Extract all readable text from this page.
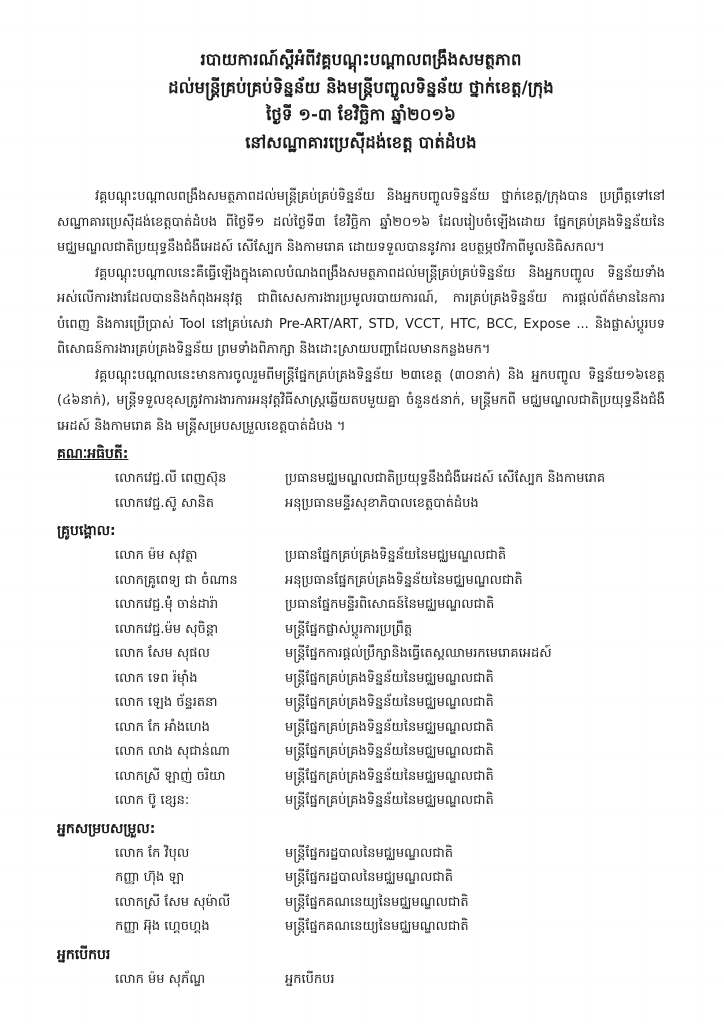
របាយការណ៍ស្ដីអំពីវគ្គបណ្ដុះបណ្ដាលពង្រឹងសមត្ថភាព
ដល់មន្ត្រីគ្រប់គ្រប់ទិន្នន័យ និងមន្ត្រីបញ្ចូលទិន្នន័យ ថ្នាក់ខេត្ត/ក្រុង
ថ្ងៃទី ១-៣ ខែវិច្ឆិកា ឆ្នាំ២០១៦
នៅសណ្ឋាគារប្រេស៊ីដង់ខេត្ត បាត់ដំបង

វគ្គបណ្ដុះបណ្ដាលពង្រឹងសមត្ថភាពដល់មន្ត្រីគ្រប់គ្រប់ទិន្នន័យ និងអ្នកបញ្ចូលទិន្នន័យ ថ្នាក់ខេត្ត/ក្រុងបាន ប្រព្រឹត្តទៅនៅសណ្ឋាគារប្រេស៊ីដង់ខេត្តបាត់ដំបង ពីថ្ងៃទី១ ដល់ថ្ងៃទី៣ ខែវិច្ឆិកា ឆ្នាំ២០១៦ ដែលរៀបចំឡើងដោយ ផ្នែកគ្រប់គ្រងទិន្នន័យនៃមជ្ឈមណ្ឌលជាតិប្រយុទ្ធនឹងជំងឺអេដស៍ សើស្បែក និងកាមរោគ ដោយទទួលបាននូវការ ឧបត្ថម្ភថវិកាពីមូលនិធិសកល។

វគ្គបណ្ដុះបណ្ដាលនេះគឺធ្វើឡើងក្នុងគោលបំណងពង្រឹងសមត្ថភាពដល់មន្ត្រីគ្រប់គ្រប់ទិន្នន័យ និងអ្នកបញ្ចូល ទិន្នន័យទាំងអស់លើការងារដែលបាននិងកំពុងអនុវត្ត ជាពិសេសការងារប្រមូលរបាយការណ៍, ការគ្រប់គ្រងទិន្នន័យ ការផ្ដល់ព័ត៌មាននៃការបំពេញ និងការប្រើប្រាស់ Tool នៅគ្រប់សេវា Pre-ART/ART, STD, VCCT, HTC, BCC, Expose ... និងផ្លាស់ប្ដូរបទពិសោធន៍ការងារគ្រប់គ្រងទិន្នន័យ ព្រមទាំងពិភាក្សា និងដោះស្រាយបញ្ហាដែលមានកន្លងមក។

វគ្គបណ្ដុះបណ្ដាលនេះមានការចូលរួមពីមន្ត្រីផ្នែកគ្រប់គ្រងទិន្នន័យ ២៣ខេត្ត (៣០នាក់) និង អ្នកបញ្ចូល ទិន្នន័យ១៦ខេត្ត (៤៦នាក់), មន្ត្រីទទួលខុសត្រូវការងារការអនុវត្តវិធីសាស្ត្រឆ្លើយតបមួយគ្នា ចំនួន៥នាក់, មន្ត្រីមកពី មជ្ឈមណ្ឌលជាតិប្រយុទ្ធនឹងជំងឺអេដស៍ និងកាមរោគ និង មន្ត្រីសម្របសម្រួលខេត្តបាត់ដំបង ។

គណៈអធិបតី:
លោកវេជ្ជ.លី ពេញស៊ុន	ប្រធានមជ្ឈមណ្ឌលជាតិប្រយុទ្ធនឹងជំងឺអេដស៍ សើស្បែក និងកាមរោគ
លោកវេជ្ជ.ស៊ូ សានិត	អនុប្រធានមន្ទីរសុខាភិបាលខេត្តបាត់ដំបង
គ្រូបង្គោល:
លោក ម៉ម សុវត្ថា	ប្រធានផ្នែកគ្រប់គ្រងទិន្នន័យនៃមជ្ឈមណ្ឌលជាតិ
លោកគ្រូពេទ្យ ជា ចំណាន	អនុប្រធានផ្នែកគ្រប់គ្រងទិន្នន័យនៃមជ្ឈមណ្ឌលជាតិ
លោកវេជ្ជ.ម៉ុំ ចាន់ដារ៉ា	ប្រធានផ្នែកមន្ទីរពិសោធន៍នៃមជ្ឈមណ្ឌលជាតិ
លោកវេជ្ជ.ម៉ម សុចិន្តា	មន្ត្រីផ្នែកផ្លាស់ប្ដូរការប្រព្រឹត្ត
លោក សែម សុផល	មន្ត្រីផ្នែកការផ្ដល់ប្រឹក្សានិងធ្វើតេស្ដឈាមរកមេរោគអេដស៍
លោក ទេព រ៉ម៉ាំង	មន្ត្រីផ្នែកគ្រប់គ្រងទិន្នន័យនៃមជ្ឈមណ្ឌលជាតិ
លោក ឡេង ច័ន្ទរតនា	មន្ត្រីផ្នែកគ្រប់គ្រងទិន្នន័យនៃមជ្ឈមណ្ឌលជាតិ
លោក កែ អាំងហេង	មន្ត្រីផ្នែកគ្រប់គ្រងទិន្នន័យនៃមជ្ឈមណ្ឌលជាតិ
លោក លាង សុជាន់ណា	មន្ត្រីផ្នែកគ្រប់គ្រងទិន្នន័យនៃមជ្ឈមណ្ឌលជាតិ
លោកស្រី ឡាញ់ ចរិយា	មន្ត្រីផ្នែកគ្រប់គ្រងទិន្នន័យនៃមជ្ឈមណ្ឌលជាតិ
លោក ប៊ូ ខ្សេន:	មន្ត្រីផ្នែកគ្រប់គ្រងទិន្នន័យនៃមជ្ឈមណ្ឌលជាតិ
អ្នកសម្របសម្រួល:
លោក កែ វិបុល	មន្ត្រីផ្នែករដ្ឋបាលនៃមជ្ឈមណ្ឌលជាតិ
កញ្ញា ហ៊ុង ឡា	មន្ត្រីផ្នែករដ្ឋបាលនៃមជ្ឈមណ្ឌលជាតិ
លោកស្រី សែម សុម៉ាលី	មន្ត្រីផ្នែកគណនេយ្យនៃមជ្ឈមណ្ឌលជាតិ
កញ្ញា អ៊ុង ហ្គេចហ្គង	មន្ត្រីផ្នែកគណនេយ្យនៃមជ្ឈមណ្ឌលជាតិ
អ្នកបើកបរ
លោក ម៉ម សុភ័ណ្ឌ	អ្នកបើកបរ
